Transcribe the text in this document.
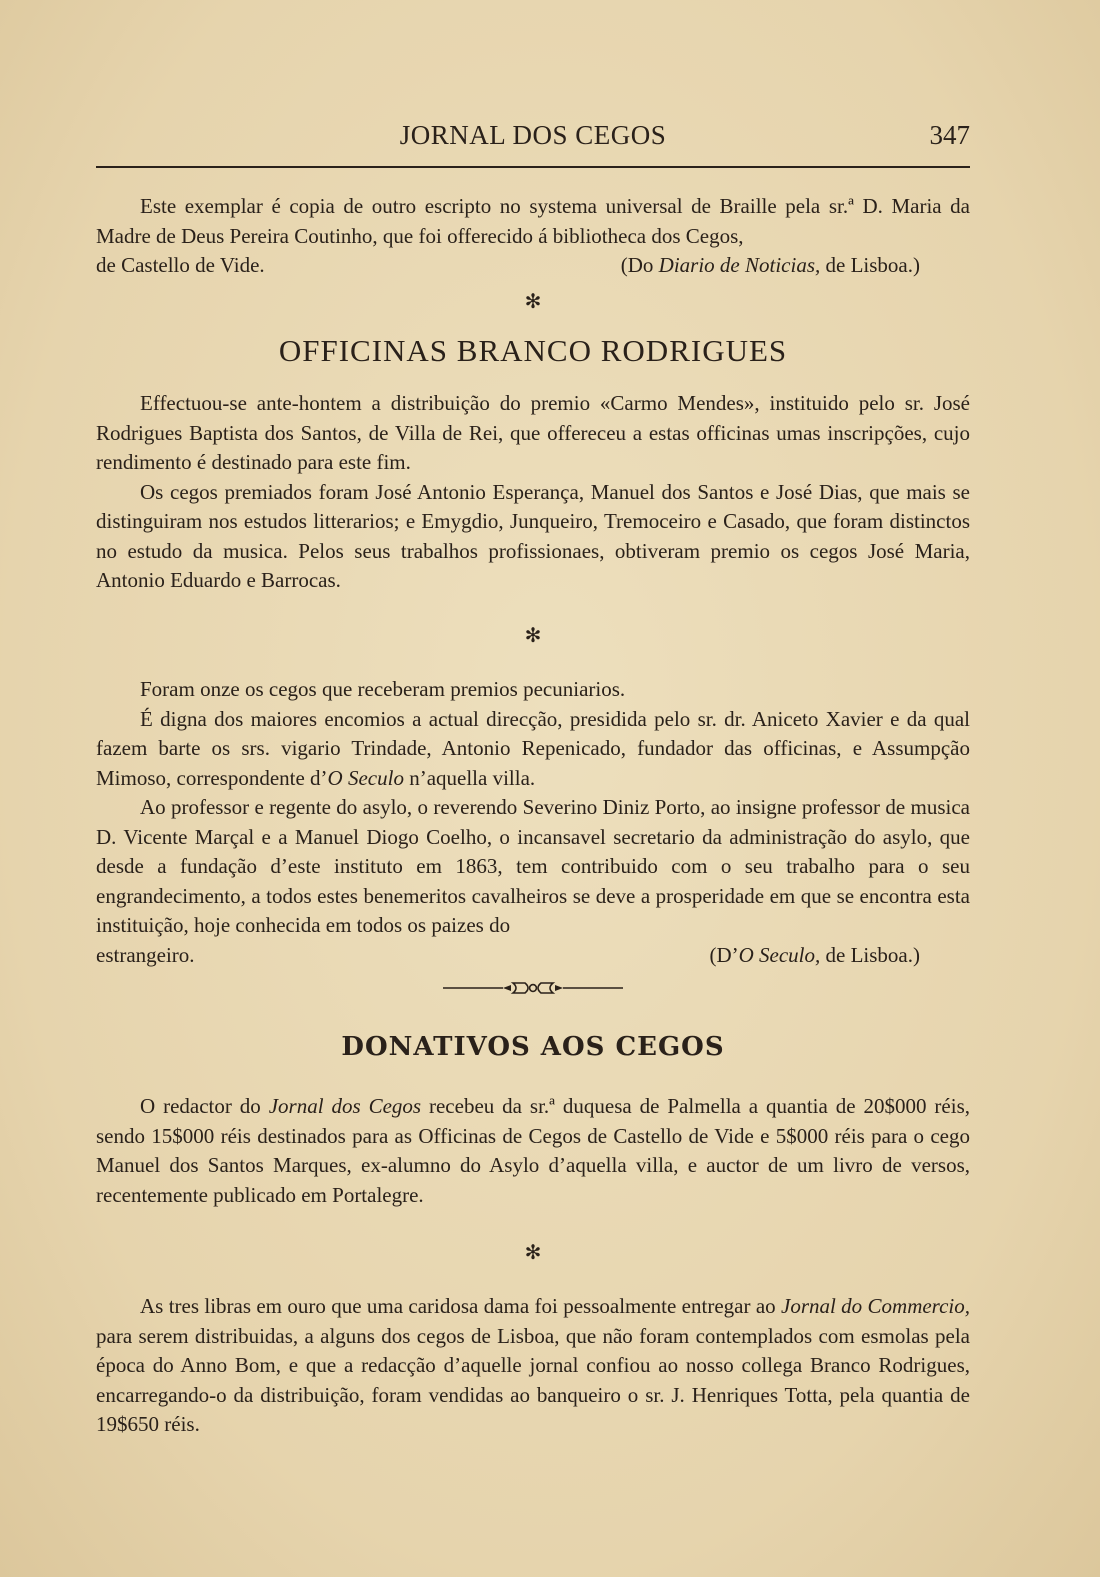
JORNAL DOS CEGOS	347

Este exemplar é copia de outro escripto no systema universal de Braille pela sr.ª D. Maria da Madre de Deus Pereira Coutinho, que foi offerecido á bibliotheca dos Cegos,

de Castello de Vide.	(Do Diario de Noticias, de Lisboa.)
✻
OFFICINAS BRANCO RODRIGUES

Effectuou-se ante-hontem a distribuição do premio «Carmo Mendes», instituido pelo sr. José Rodrigues Baptista dos Santos, de Villa de Rei, que offereceu a estas officinas umas inscripções, cujo rendimento é destinado para este fim.

Os cegos premiados foram José Antonio Esperança, Manuel dos Santos e José Dias, que mais se distinguiram nos estudos litterarios; e Emygdio, Junqueiro, Tremoceiro e Casado, que foram distinctos no estudo da musica. Pelos seus trabalhos profissionaes, obtiveram premio os cegos José Maria, Antonio Eduardo e Barrocas.

✻

Foram onze os cegos que receberam premios pecuniarios.

É digna dos maiores encomios a actual direcção, presidida pelo sr. dr. Aniceto Xavier e da qual fazem barte os srs. vigario Trindade, Antonio Repenicado, fundador das officinas, e Assumpção Mimoso, correspondente d’O Seculo n’aquella villa.

Ao professor e regente do asylo, o reverendo Severino Diniz Porto, ao insigne professor de musica D. Vicente Marçal e a Manuel Diogo Coelho, o incansavel secretario da administração do asylo, que desde a fundação d’este instituto em 1863, tem contribuido com o seu trabalho para o seu engrandecimento, a todos estes benemeritos cavalheiros se deve a prosperidade em que se encontra esta instituição, hoje conhecida em todos os paizes do

estrangeiro.	(D’O Seculo, de Lisboa.)
DONATIVOS AOS CEGOS

O redactor do Jornal dos Cegos recebeu da sr.ª duquesa de Palmella a quantia de 20$000 réis, sendo 15$000 réis destinados para as Officinas de Cegos de Castello de Vide e 5$000 réis para o cego Manuel dos Santos Marques, ex-alumno do Asylo d’aquella villa, e auctor de um livro de versos, recentemente publicado em Portalegre.

✻

As tres libras em ouro que uma caridosa dama foi pessoalmente entregar ao Jornal do Commercio, para serem distribuidas, a alguns dos cegos de Lisboa, que não foram contemplados com esmolas pela época do Anno Bom, e que a redacção d’aquelle jornal confiou ao nosso collega Branco Rodrigues, encarregando-o da distribuição, foram vendidas ao banqueiro o sr. J. Henriques Totta, pela quantia de 19$650 réis.
